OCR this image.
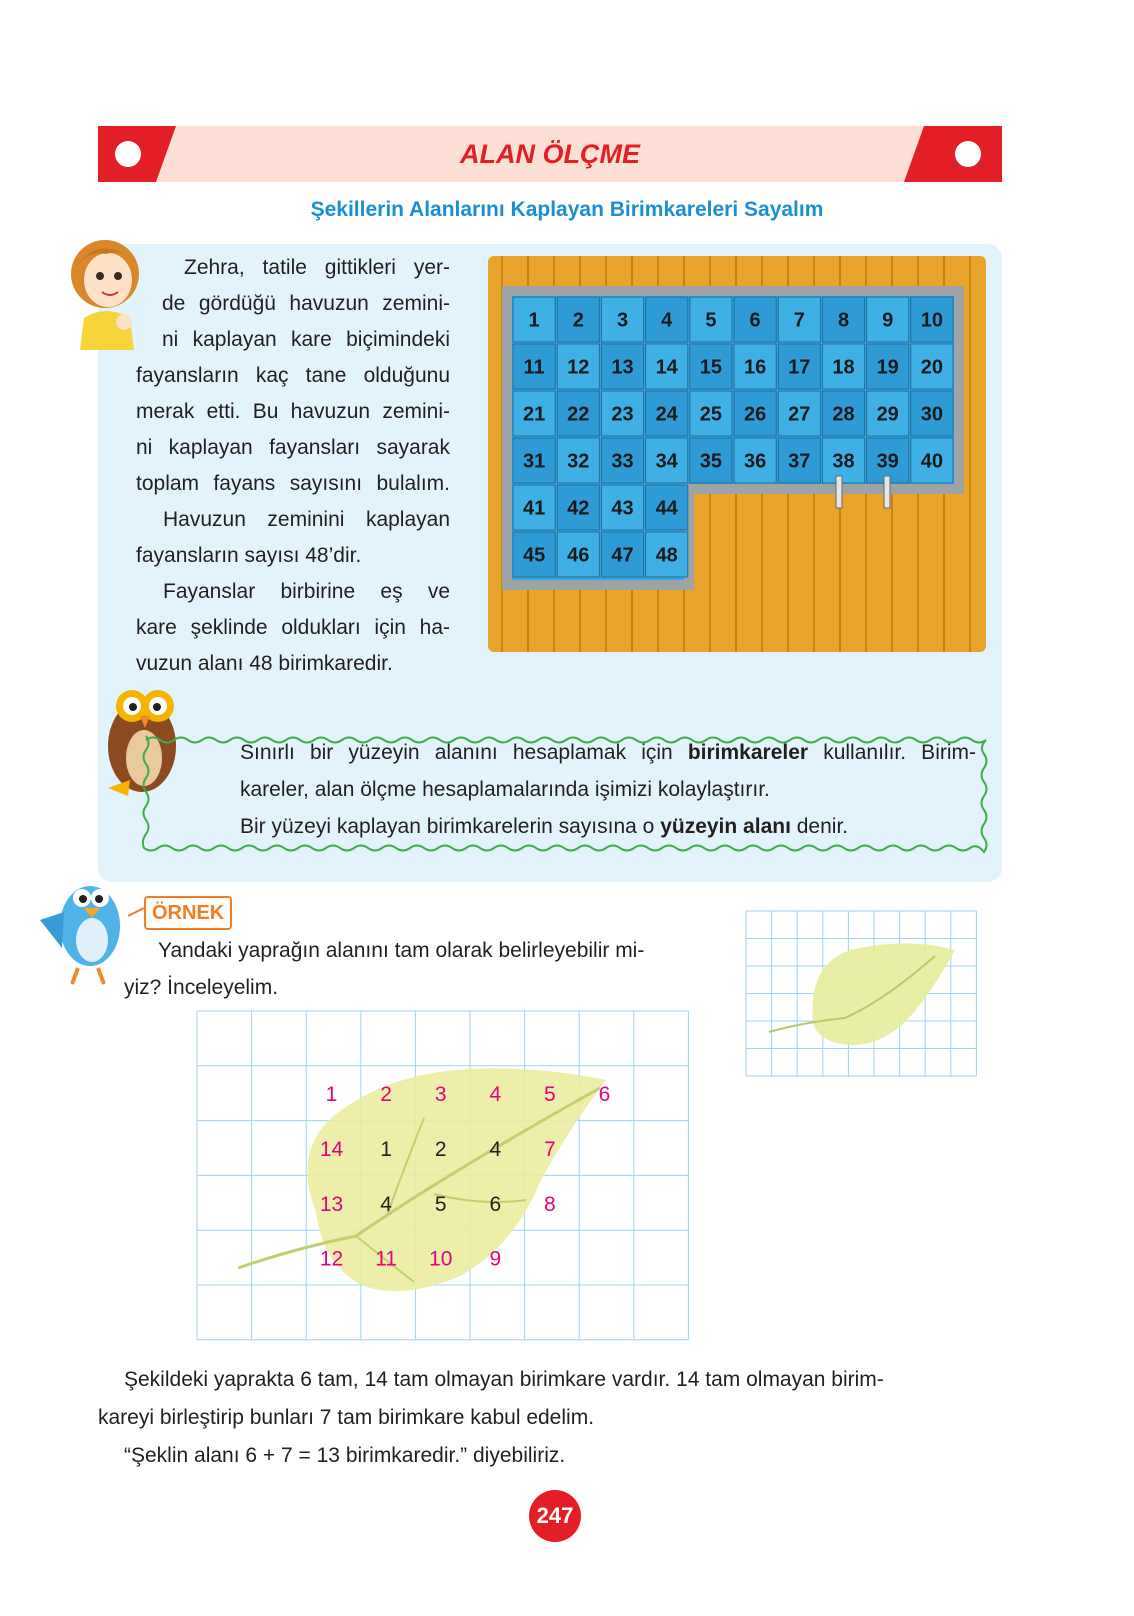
ALAN ÖLÇME
Şekillerin Alanlarını Kaplayan Birimkareleri Sayalım

Zehra, tatile gittikleri yer-

de gördüğü havuzun zemini-

ni kaplayan kare biçimindeki

fayansların kaç tane olduğunu

merak etti. Bu havuzun zemini-

ni kaplayan fayansları sayarak

toplam fayans sayısını bulalım.

Havuzun zeminini kaplayan

fayansların sayısı 48’dir.

Fayanslar birbirine eş ve

kare şeklinde oldukları için ha-

vuzun alanı 48 birimkaredir.

1 2 3 4 5 6 7 8 9 10
11 12 13 14 15 16 17 18 19 20
21 22 23 24 25 26 27 28 29 30
31 32 33 34 35 36 37 38 39 40
41 42 43 44
45 46 47 48

Sınırlı bir yüzeyin alanını hesaplamak için birimkareler kullanılır. Birim-

kareler, alan ölçme hesaplamalarında işimizi kolaylaştırır.

Bir yüzeyi kaplayan birimkarelerin sayısına o yüzeyin alanı denir.

ÖRNEK

Yandaki yaprağın alanını tam olarak belirleyebilir mi-

yiz? İnceleyelim.

1 2 3 4 5 6
7
8
9
10
11
12
13
14 1 2 4
4 5 6

Şekildeki yaprakta 6 tam, 14 tam olmayan birimkare vardır. 14 tam olmayan birim-

kareyi birleştirip bunları 7 tam birimkare kabul edelim.

“Şeklin alanı 6 + 7 = 13 birimkaredir.” diyebiliriz.

247
